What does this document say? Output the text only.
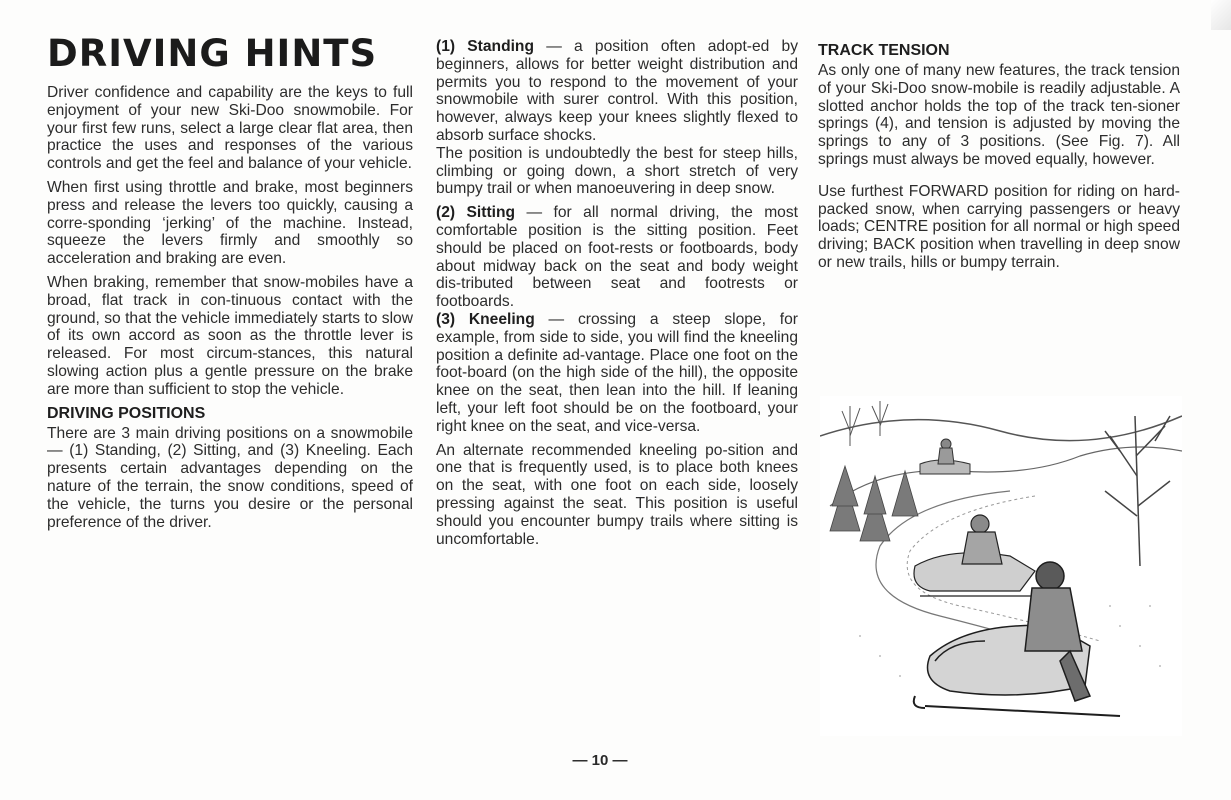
DRIVING HINTS

Driver confidence and capability are the keys to full enjoyment of your new Ski-Doo snowmobile. For your first few runs, select a large clear flat area, then practice the uses and responses of the various controls and get the feel and balance of your vehicle.

When first using throttle and brake, most beginners press and release the levers too quickly, causing a corre-sponding ‘jerking’ of the machine. Instead, squeeze the levers firmly and smoothly so acceleration and braking are even.

When braking, remember that snow-mobiles have a broad, flat track in con-tinuous contact with the ground, so that the vehicle immediately starts to slow of its own accord as soon as the throttle lever is released. For most circum-stances, this natural slowing action plus a gentle pressure on the brake are more than sufficient to stop the vehicle.

DRIVING POSITIONS

There are 3 main driving positions on a snowmobile — (1) Standing, (2) Sitting, and (3) Kneeling. Each presents certain advantages depending on the nature of the terrain, the snow conditions, speed of the vehicle, the turns you desire or the personal preference of the driver.

(1) Standing — a position often adopt-ed by beginners, allows for better weight distribution and permits you to respond to the movement of your snowmobile with surer control. With this position, however, always keep your knees slightly flexed to absorb surface shocks.

The position is undoubtedly the best for steep hills, climbing or going down, a short stretch of very bumpy trail or when manoeuvering in deep snow.

(2) Sitting — for all normal driving, the most comfortable position is the sitting position. Feet should be placed on foot-rests or footboards, body about midway back on the seat and body weight dis-tributed between seat and footrests or footboards.

(3) Kneeling — crossing a steep slope, for example, from side to side, you will find the kneeling position a definite ad-vantage. Place one foot on the foot-board (on the high side of the hill), the opposite knee on the seat, then lean into the hill. If leaning left, your left foot should be on the footboard, your right knee on the seat, and vice-versa.

An alternate recommended kneeling po-sition and one that is frequently used, is to place both knees on the seat, with one foot on each side, loosely pressing against the seat. This position is useful should you encounter bumpy trails where sitting is uncomfortable.

TRACK TENSION

As only one of many new features, the track tension of your Ski-Doo snow-mobile is readily adjustable. A slotted anchor holds the top of the track ten-sioner springs (4), and tension is adjusted by moving the springs to any of 3 positions. (See Fig. 7). All springs must always be moved equally, however.

Use furthest FORWARD position for riding on hard-packed snow, when carrying passengers or heavy loads; CENTRE position for all normal or high speed driving; BACK position when travelling in deep snow or new trails, hills or bumpy terrain.

— 10 —
